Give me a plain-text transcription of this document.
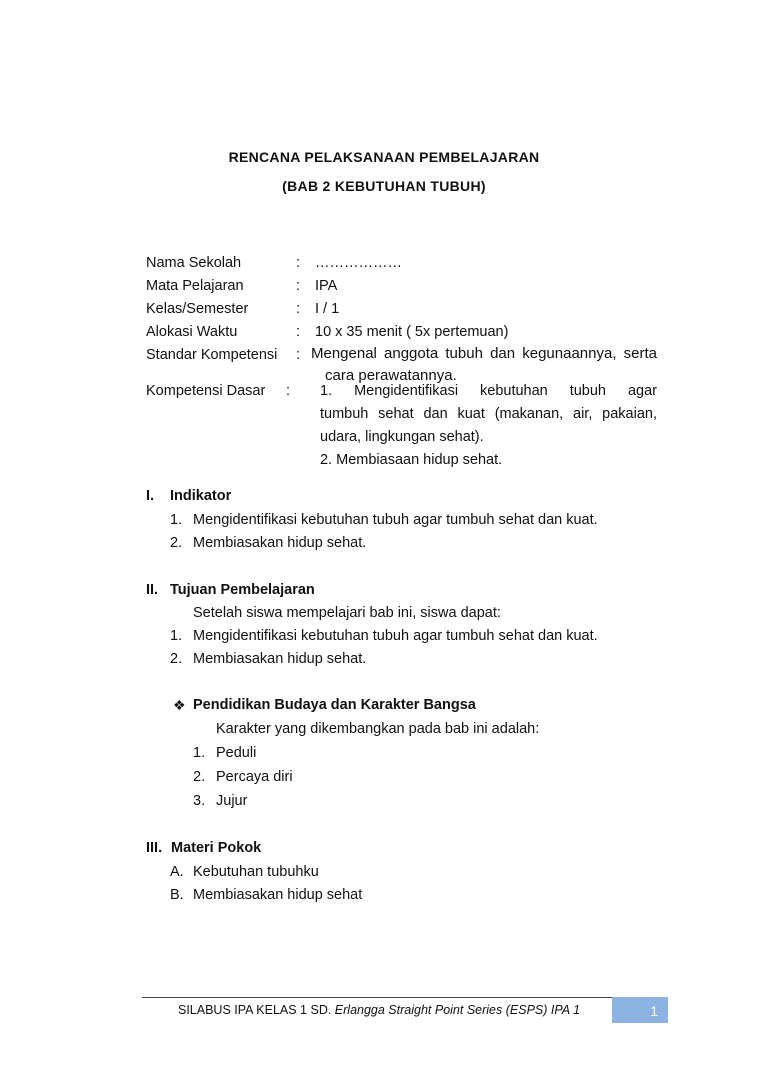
RENCANA PELAKSANAAN PEMBELAJARAN
(BAB 2 KEBUTUHAN TUBUH)
Nama Sekolah	: ………………
Mata Pelajaran	: IPA
Kelas/Semester	: I / 1
Alokasi Waktu	: 10 x 35 menit ( 5x pertemuan)
Standar Kompetensi : Mengenal anggota tubuh dan kegunaannya, serta
cara perawatannya.
Kompetensi Dasar : 1. Mengidentifikasi kebutuhan tubuh agar
tumbuh sehat dan kuat (makanan, air, pakaian,
udara, lingkungan sehat).
2. Membiasaan hidup sehat.
I. Indikator
1. Mengidentifikasi kebutuhan tubuh agar tumbuh sehat dan kuat.
2. Membiasakan hidup sehat.
II. Tujuan Pembelajaran
Setelah siswa mempelajari bab ini, siswa dapat:
1. Mengidentifikasi kebutuhan tubuh agar tumbuh sehat dan kuat.
2. Membiasakan hidup sehat.
❖ Pendidikan Budaya dan Karakter Bangsa
Karakter yang dikembangkan pada bab ini adalah:
1. Peduli
2. Percaya diri
3. Jujur
III. Materi Pokok
A. Kebutuhan tubuhku
B. Membiasakan hidup sehat
SILABUS IPA KELAS 1 SD. Erlangga Straight Point Series (ESPS) IPA 1	1
